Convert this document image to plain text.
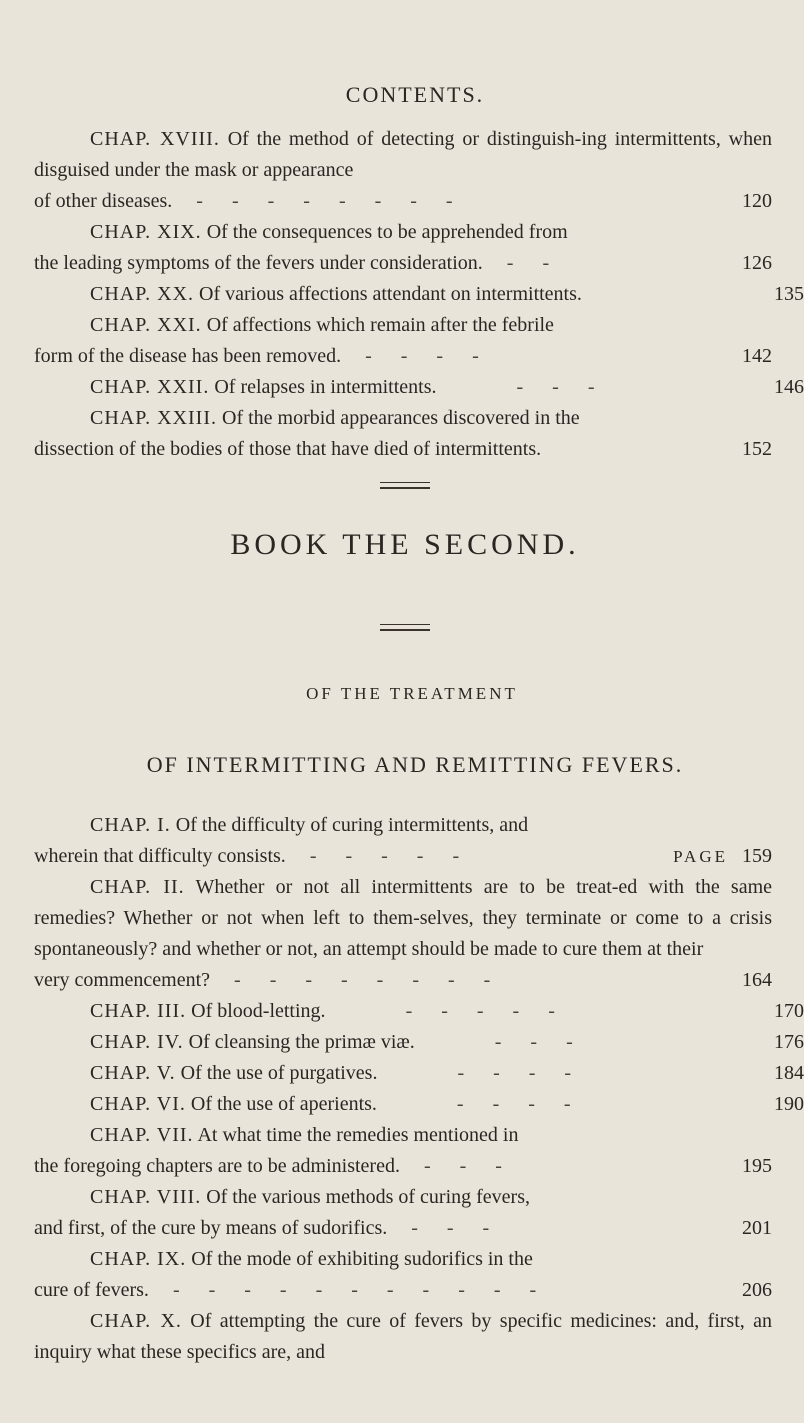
CONTENTS.

CHAP. XVIII. Of the method of detecting or distinguish-ing intermittents, when disguised under the mask or appearance

of other diseases.	- - - - - - - -	120

CHAP. XIX. Of the consequences to be apprehended from

the leading symptoms of the fevers under consideration.	- -	126
CHAP. XX. Of various affections attendant on intermittents.	135

CHAP. XXI. Of affections which remain after the febrile

form of the disease has been removed.	- - - -	142
CHAP. XXII. Of relapses in intermittents.	- - -	146

CHAP. XXIII. Of the morbid appearances discovered in the

dissection of the bodies of those that have died of intermittents.	152
BOOK THE SECOND.
OF THE TREATMENT
OF INTERMITTING AND REMITTING FEVERS.

CHAP. I. Of the difficulty of curing intermittents, and

wherein that difficulty consists.	- - - - -	PAGE 159

CHAP. II. Whether or not all intermittents are to be treat-ed with the same remedies? Whether or not when left to them-selves, they terminate or come to a crisis spontaneously? and whether or not, an attempt should be made to cure them at their

very commencement?	- - - - - - - -	164
CHAP. III. Of blood-letting.	- - - - -	170
CHAP. IV. Of cleansing the primæ viæ.	- - -	176
CHAP. V. Of the use of purgatives.	- - - -	184
CHAP. VI. Of the use of aperients.	- - - -	190

CHAP. VII. At what time the remedies mentioned in

the foregoing chapters are to be administered.	- - -	195

CHAP. VIII. Of the various methods of curing fevers,

and first, of the cure by means of sudorifics.	- - -	201

CHAP. IX. Of the mode of exhibiting sudorifics in the

cure of fevers.	- - - - - - - - - - -	206

CHAP. X. Of attempting the cure of fevers by specific medicines: and, first, an inquiry what these specifics are, and
